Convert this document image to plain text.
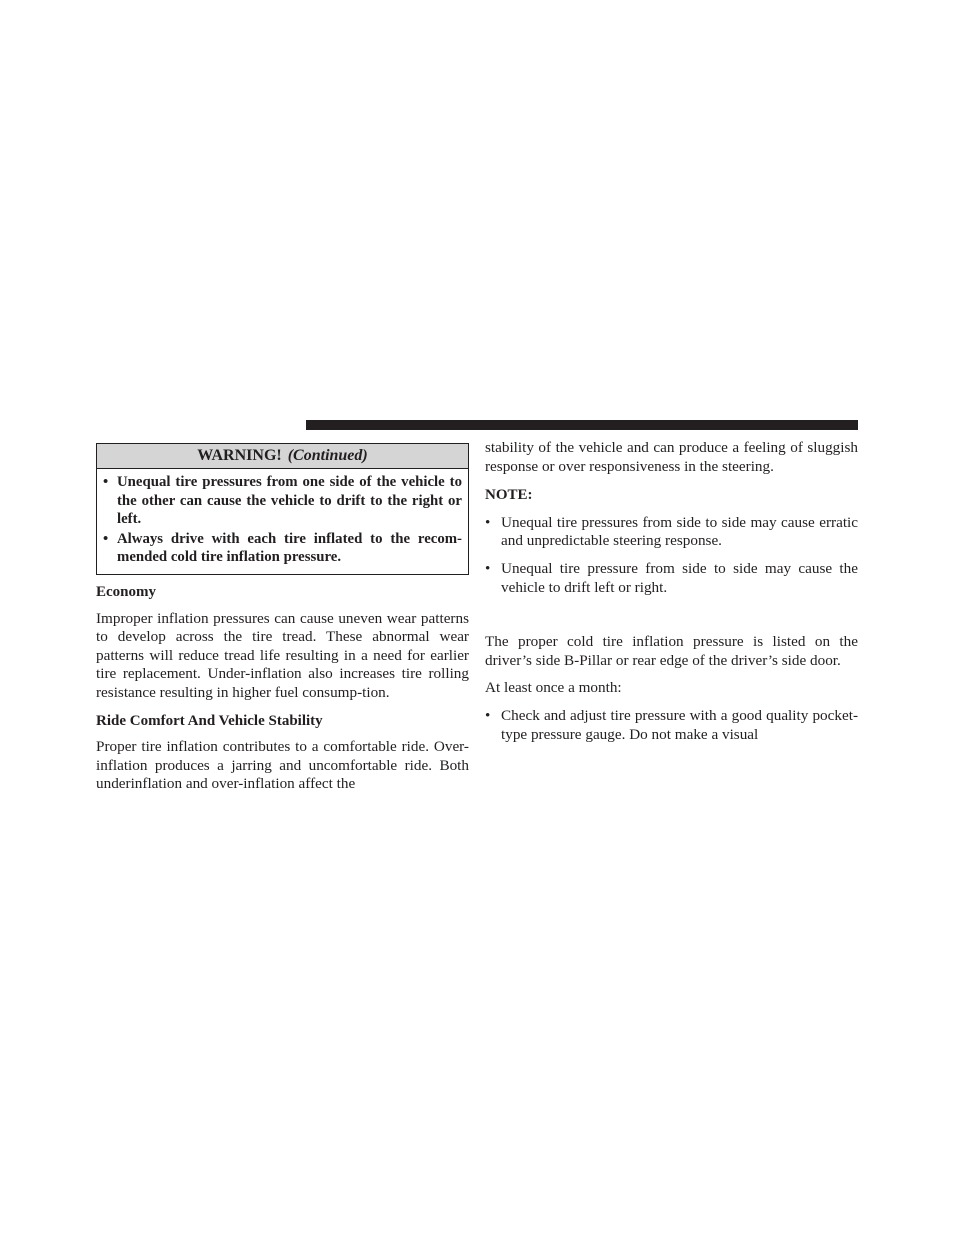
WARNING! (Continued)
• Unequal tire pressures from one side of the vehicle to the other can cause the vehicle to drift to the right or left.
• Always drive with each tire inflated to the recom-mended cold tire inflation pressure.
Economy

Improper inflation pressures can cause uneven wear patterns to develop across the tire tread. These abnormal wear patterns will reduce tread life resulting in a need for earlier tire replacement. Under-inflation also increases tire rolling resistance resulting in higher fuel consump-tion.

Ride Comfort And Vehicle Stability

Proper tire inflation contributes to a comfortable ride. Over-inflation produces a jarring and uncomfortable ride. Both underinflation and over-inflation affect the

stability of the vehicle and can produce a feeling of sluggish response or over responsiveness in the steering.

NOTE:

• Unequal tire pressures from side to side may cause erratic and unpredictable steering response.
• Unequal tire pressure from side to side may cause the vehicle to drift left or right.

The proper cold tire inflation pressure is listed on the driver’s side B-Pillar or rear edge of the driver’s side door.

At least once a month:

• Check and adjust tire pressure with a good quality pocket-type pressure gauge. Do not make a visual
